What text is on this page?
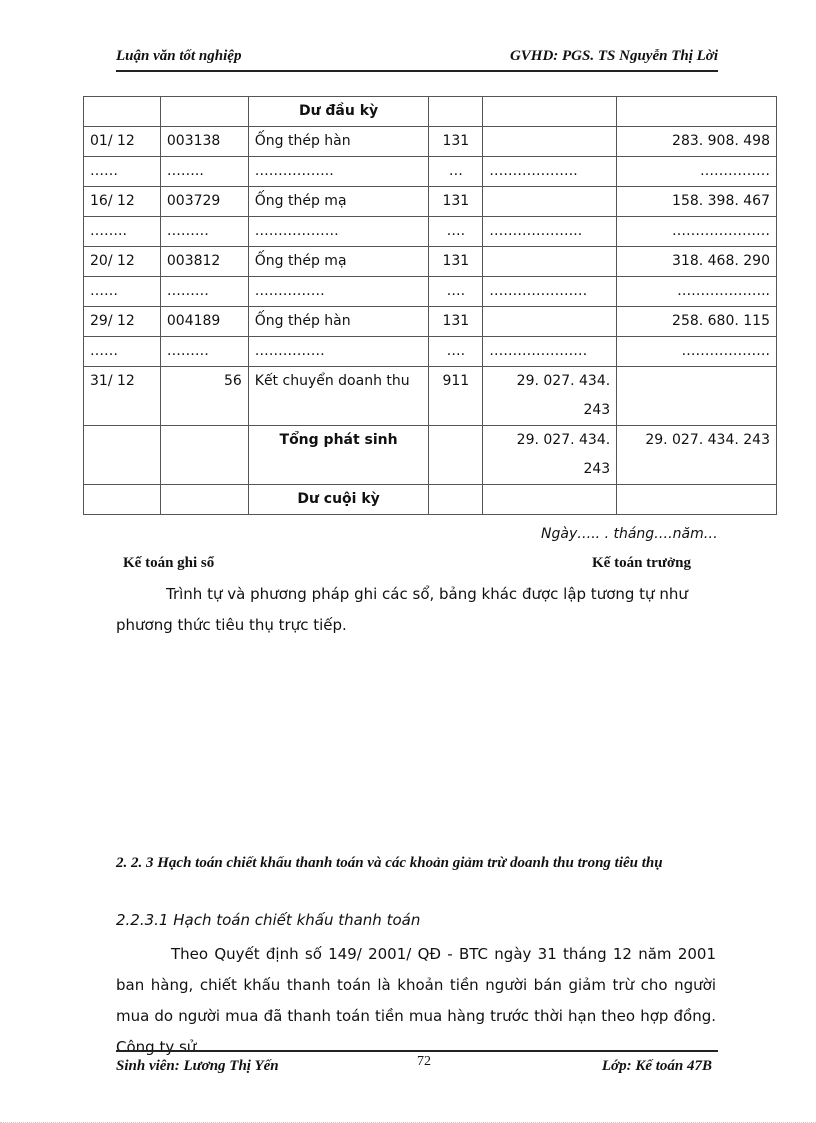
Luận văn tốt nghiệp	GVHD: PGS. TS Nguyễn Thị Lời
		Dư đầu kỳ			
01/ 12	003138	Ống thép hàn	131		283. 908. 498
……	……..	……………..	…	……………….	……………
16/ 12	003729	Ống thép mạ	131		158. 398. 467
……..	………	………………	….	………………..	…………………
20/ 12	003812	Ống thép mạ	131		318. 468. 290
……	………	……………	….	…………………	………………..
29/ 12	004189	Ống thép hàn	131		258. 680. 115
……	………	……………	….	…………………	……………….
31/ 12	56	Kết chuyển doanh thu	911	29. 027. 434. 243	
		Tổng phát sinh		29. 027. 434. 243	29. 027. 434. 243
		Dư cuội kỳ			
Ngày….. . tháng….năm…
Kế toán ghi sổ	Kế toán trưởng
Trình tự và phương pháp ghi các sổ, bảng khác được lập tương tự như phương thức tiêu thụ trực tiếp.
2. 2. 3 Hạch toán chiết khấu thanh toán và các khoản giảm trừ doanh thu trong tiêu thụ
2.2.3.1 Hạch toán chiết khấu thanh toán
Theo Quyết định số 149/ 2001/ QĐ - BTC ngày 31 tháng 12 năm 2001 ban hàng, chiết khấu thanh toán là khoản tiền người bán giảm trừ cho người mua do người mua đã thanh toán tiền mua hàng trước thời hạn theo hợp đồng. Công ty sử
Sinh viên: Lương Thị Yến	72	Lớp: Kế toán 47B
